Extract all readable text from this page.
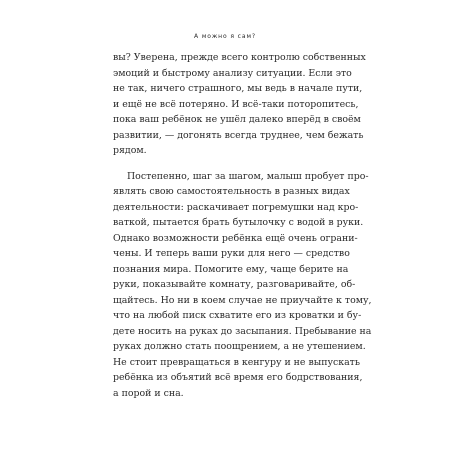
А можно я сам?

вы? Уверена, прежде всего контролю собственных
эмоций и быстрому анализу ситуации. Если это
не так, ничего страшного, мы ведь в начале пути,
и ещё не всё потеряно. И всё-таки поторопитесь,
пока ваш ребёнок не ушёл далеко вперёд в своём
развитии, — догонять всегда труднее, чем бежать
рядом.

Постепенно, шаг за шагом, малыш пробует про-
являть свою самостоятельность в разных видах
деятельности: раскачивает погремушки над кро-
ваткой, пытается брать бутылочку с водой в руки.
Однако возможности ребёнка ещё очень ограни-
чены. И теперь ваши руки для него — средство
познания мира. Помогите ему, чаще берите на
руки, показывайте комнату, разговаривайте, об-
щайтесь. Но ни в коем случае не приучайте к тому,
что на любой писк схватите его из кроватки и бу-
дете носить на руках до засыпания. Пребывание на
руках должно стать поощрением, а не утешением.
Не стоит превращаться в кенгуру и не выпускать
ребёнка из объятий всё время его бодрствования,
а порой и сна.
